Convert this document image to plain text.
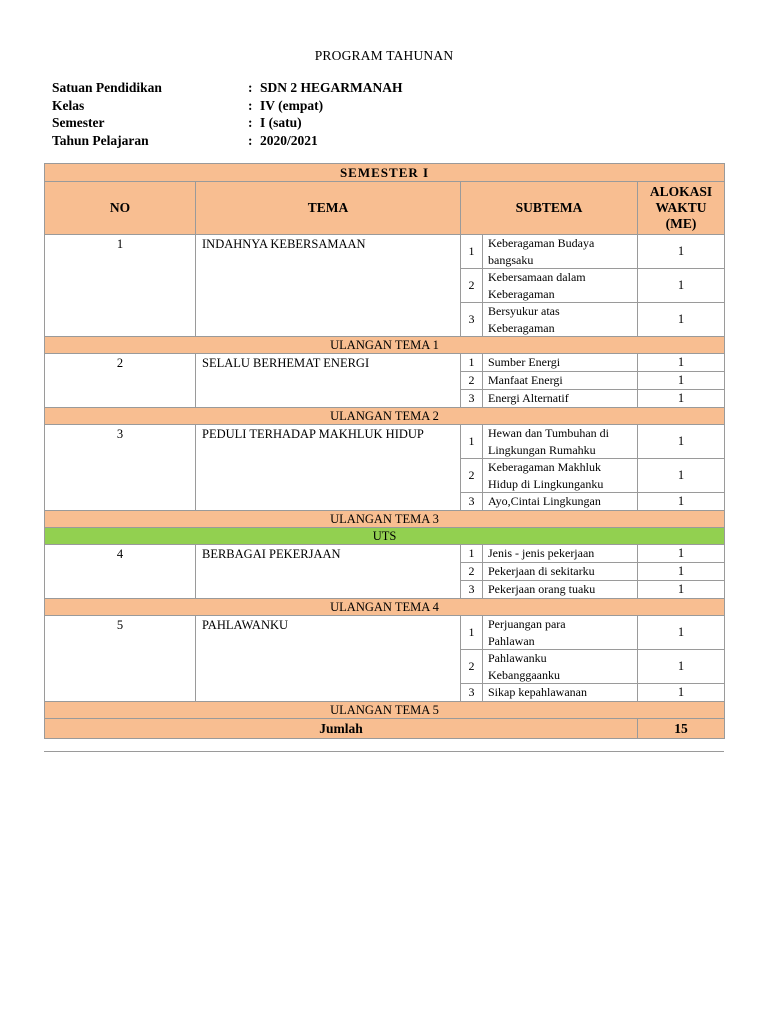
PROGRAM TAHUNAN
Satuan Pendidikan	: SDN 2 HEGARMANAH
Kelas	: IV (empat)
Semester	: I (satu)
Tahun Pelajaran	: 2020/2021
SEMESTER I				
NO	TEMA	SUBTEMA		ALOKASI
WAKTU
(ME)
1	INDAHNYA KEBERSAMAAN	1	Keberagaman Budaya
bangsaku	1
		2	Kebersamaan dalam
Keberagaman	1
		3	Bersyukur atas
Keberagaman	1
ULANGAN TEMA 1				
2	SELALU BERHEMAT ENERGI	1	Sumber Energi	1
		2	Manfaat Energi	1
		3	Energi Alternatif	1
ULANGAN TEMA 2				
3	PEDULI TERHADAP MAKHLUK HIDUP	1	Hewan dan Tumbuhan di
Lingkungan Rumahku	1
		2	Keberagaman Makhluk
Hidup di Lingkunganku	1
		3	Ayo,Cintai Lingkungan	1
ULANGAN TEMA 3				
UTS				
4	BERBAGAI PEKERJAAN	1	Jenis - jenis pekerjaan	1
		2	Pekerjaan di sekitarku	1
		3	Pekerjaan orang tuaku	1
ULANGAN TEMA 4				
5	PAHLAWANKU	1	Perjuangan para
Pahlawan	1
		2	Pahlawanku
Kebanggaanku	1
		3	Sikap kepahlawanan	1
ULANGAN TEMA 5				
Jumlah				15
